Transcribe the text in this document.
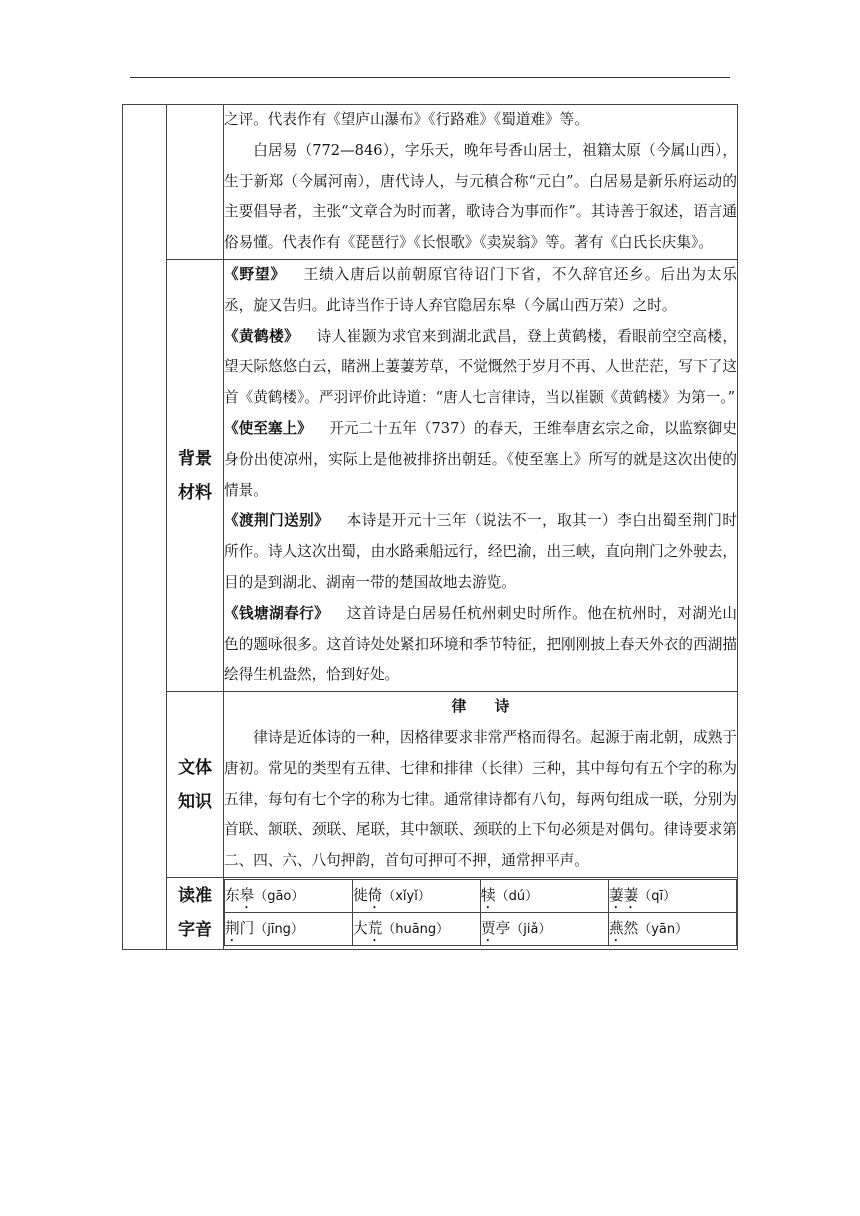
之评。代表作有《望庐山瀑布》《行路难》《蜀道难》等。

白居易（772—846），字乐天，晚年号香山居士，祖籍太原（今属山西），生于新郑（今属河南），唐代诗人，与元稹合称“元白”。白居易是新乐府运动的主要倡导者，主张“文章合为时而著，歌诗合为事而作”。其诗善于叙述，语言通俗易懂。代表作有《琵琶行》《长恨歌》《卖炭翁》等。著有《白氏长庆集》。

背景
材料

《野望》 王绩入唐后以前朝原官待诏门下省，不久辞官还乡。后出为太乐丞，旋又告归。此诗当作于诗人弃官隐居东皋（今属山西万荣）之时。

《黄鹤楼》 诗人崔颢为求官来到湖北武昌，登上黄鹤楼，看眼前空空高楼，望天际悠悠白云，睹洲上萋萋芳草，不觉慨然于岁月不再、人世茫茫，写下了这首《黄鹤楼》。严羽评价此诗道：“唐人七言律诗，当以崔颢《黄鹤楼》为第一。”

《使至塞上》 开元二十五年（737）的春天，王维奉唐玄宗之命，以监察御史身份出使凉州，实际上是他被排挤出朝廷。《使至塞上》所写的就是这次出使的情景。

《渡荆门送别》 本诗是开元十三年（说法不一，取其一）李白出蜀至荆门时所作。诗人这次出蜀，由水路乘船远行，经巴渝，出三峡，直向荆门之外驶去，目的是到湖北、湖南一带的楚国故地去游览。

《钱塘湖春行》 这首诗是白居易任杭州刺史时所作。他在杭州时，对湖光山色的题咏很多。这首诗处处紧扣环境和季节特征，把刚刚披上春天外衣的西湖描绘得生机盎然，恰到好处。

文体
知识

律 诗

律诗是近体诗的一种，因格律要求非常严格而得名。起源于南北朝，成熟于唐初。常见的类型有五律、七律和排律（长律）三种，其中每句有五个字的称为五律，每句有七个字的称为七律。通常律诗都有八句，每两句组成一联，分别为首联、颔联、颈联、尾联，其中颔联、颈联的上下句必须是对偶句。律诗要求第二、四、六、八句押韵，首句可押可不押，通常押平声。

读准
字音

东皋（gāo）	徙倚（xǐyǐ）	犊（dú）	萋萋（qī）
荆门（jīng）	大荒（huāng）	贾亭（jiǎ）	燕然（yān）
